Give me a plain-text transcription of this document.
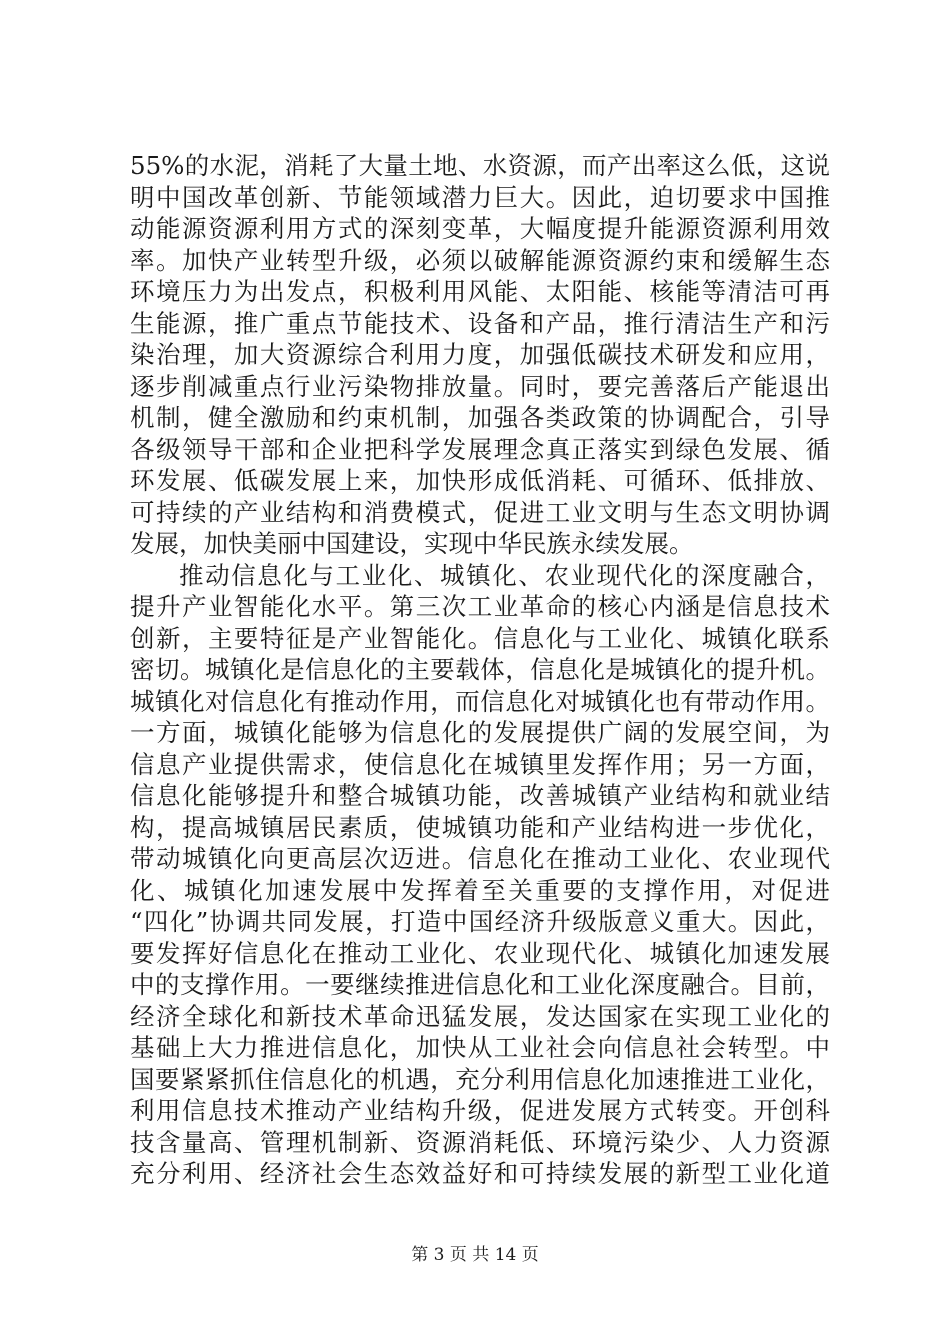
55%的水泥，消耗了大量土地、水资源，而产出率这么低，这说
明中国改革创新、节能领域潜力巨大。因此，迫切要求中国推
动能源资源利用方式的深刻变革，大幅度提升能源资源利用效
率。加快产业转型升级，必须以破解能源资源约束和缓解生态
环境压力为出发点，积极利用风能、太阳能、核能等清洁可再
生能源，推广重点节能技术、设备和产品，推行清洁生产和污
染治理，加大资源综合利用力度，加强低碳技术研发和应用，
逐步削减重点行业污染物排放量。同时，要完善落后产能退出
机制，健全激励和约束机制，加强各类政策的协调配合，引导
各级领导干部和企业把科学发展理念真正落实到绿色发展、循
环发展、低碳发展上来，加快形成低消耗、可循环、低排放、
可持续的产业结构和消费模式，促进工业文明与生态文明协调
发展，加快美丽中国建设，实现中华民族永续发展。
推动信息化与工业化、城镇化、农业现代化的深度融合，
提升产业智能化水平。第三次工业革命的核心内涵是信息技术
创新，主要特征是产业智能化。信息化与工业化、城镇化联系
密切。城镇化是信息化的主要载体，信息化是城镇化的提升机。
城镇化对信息化有推动作用，而信息化对城镇化也有带动作用。
一方面，城镇化能够为信息化的发展提供广阔的发展空间，为
信息产业提供需求，使信息化在城镇里发挥作用；另一方面，
信息化能够提升和整合城镇功能，改善城镇产业结构和就业结
构，提高城镇居民素质，使城镇功能和产业结构进一步优化，
带动城镇化向更高层次迈进。信息化在推动工业化、农业现代
化、城镇化加速发展中发挥着至关重要的支撑作用，对促进
“四化”协调共同发展，打造中国经济升级版意义重大。因此，
要发挥好信息化在推动工业化、农业现代化、城镇化加速发展
中的支撑作用。一要继续推进信息化和工业化深度融合。目前，
经济全球化和新技术革命迅猛发展，发达国家在实现工业化的
基础上大力推进信息化，加快从工业社会向信息社会转型。中
国要紧紧抓住信息化的机遇，充分利用信息化加速推进工业化，
利用信息技术推动产业结构升级，促进发展方式转变。开创科
技含量高、管理机制新、资源消耗低、环境污染少、人力资源
充分利用、经济社会生态效益好和可持续发展的新型工业化道
第 3 页 共 14 页
